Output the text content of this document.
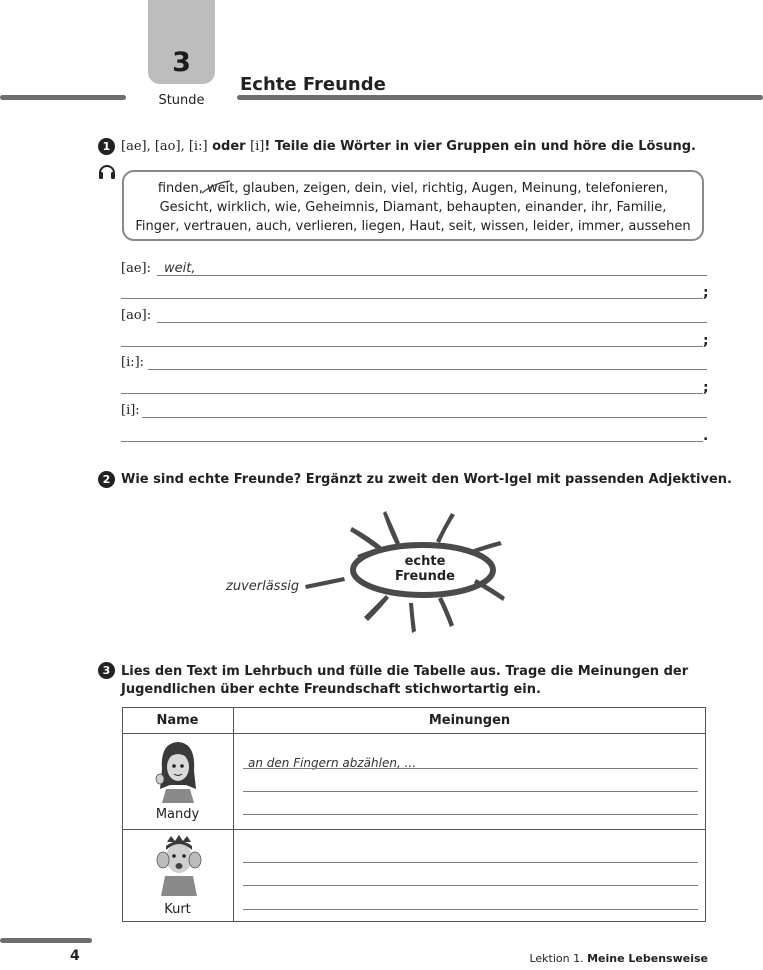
3
Stunde
Echte Freunde
1 [ae], [ao], [i:] oder [i]! Teile die Wörter in vier Gruppen ein und höre die Lösung.
finden, weit, glauben, zeigen, dein, viel, richtig, Augen, Meinung, telefonieren,
Gesicht, wirklich, wie, Geheimnis, Diamant, behaupten, einander, ihr, Familie,
Finger, vertrauen, auch, verlieren, liegen, Haut, seit, wissen, leider, immer, aussehen
[ae]: weit,
;
[ao]:
;
[i:]:
;
[i]:
.
2 Wie sind echte Freunde? Ergänzt zu zweit den Wort-Igel mit passenden Adjektiven.
echte
Freunde
zuverlässig
3 Lies den Text im Lehrbuch und fülle die Tabelle aus. Trage die Meinungen der
Jugendlichen über echte Freundschaft stichwortartig ein.
Name	Meinungen
Mandy
an den Fingern abzählen, ...
Kurt
4	Lektion 1. Meine Lebensweise
